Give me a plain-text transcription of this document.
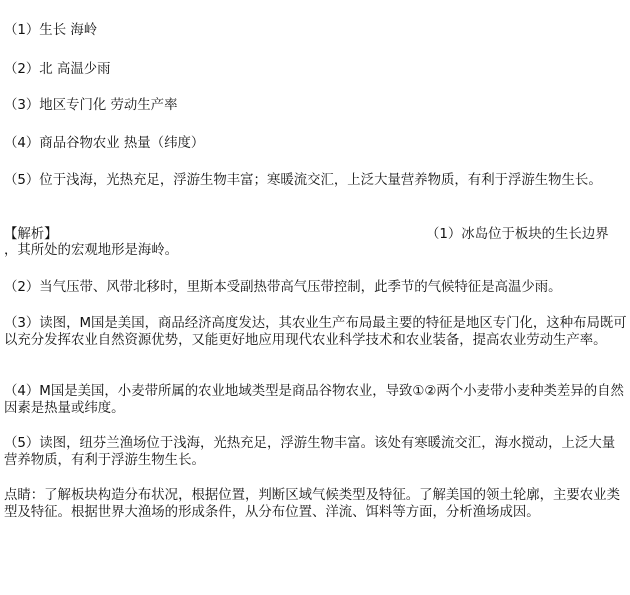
（1）生长 海岭
（2）北 高温少雨
（3）地区专门化 劳动生产率
（4）商品谷物农业 热量（纬度）
（5）位于浅海，光热充足，浮游生物丰富；寒暖流交汇，上泛大量营养物质，有利于浮游生物生长。
【解析】	（1）冰岛位于板块的生长边界
，其所处的宏观地形是海岭。
（2）当气压带、风带北移时，里斯本受副热带高气压带控制，此季节的气候特征是高温少雨。
（3）读图，M国是美国，商品经济高度发达，其农业生产布局最主要的特征是地区专门化，这种布局既可以充分发挥农业自然资源优势，又能更好地应用现代农业科学技术和农业装备，提高农业劳动生产率。
（4）M国是美国，小麦带所属的农业地域类型是商品谷物农业，导致①②两个小麦带小麦种类差异的自然因素是热量或纬度。
（5）读图，纽芬兰渔场位于浅海，光热充足，浮游生物丰富。该处有寒暖流交汇，海水搅动，上泛大量营养物质，有利于浮游生物生长。
点睛：了解板块构造分布状况，根据位置，判断区域气候类型及特征。了解美国的领土轮廓，主要农业类型及特征。根据世界大渔场的形成条件，从分布位置、洋流、饵料等方面，分析渔场成因。
